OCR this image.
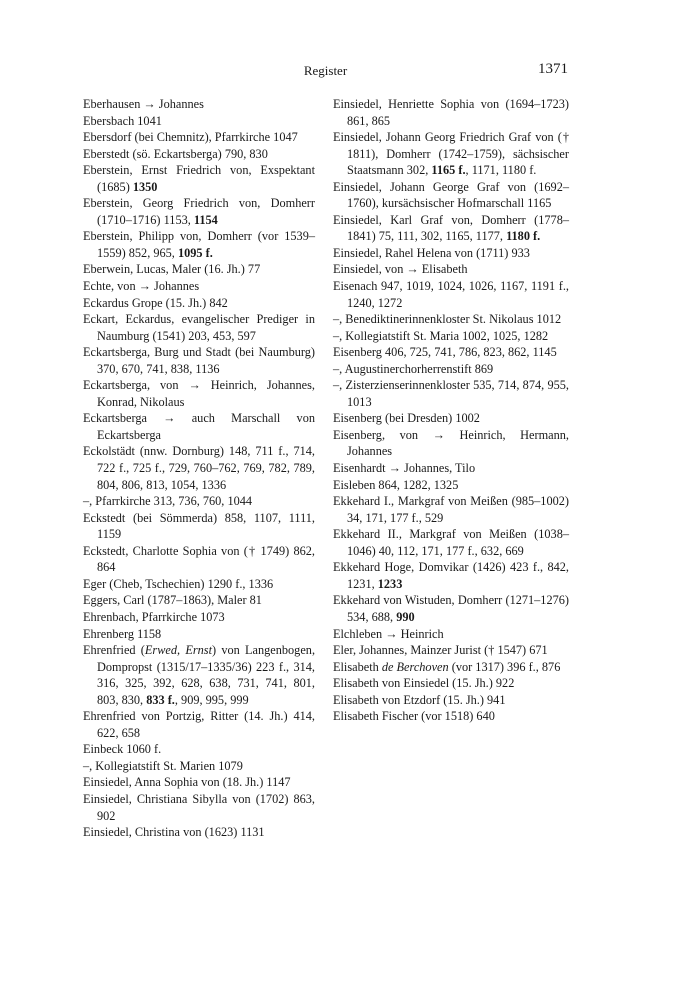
Register	1371
Eberhausen → Johannes
Ebersbach 1041
Ebersdorf (bei Chemnitz), Pfarrkirche 1047
Eberstedt (sö. Eckartsberga) 790, 830
Eberstein, Ernst Friedrich von, Exspektant (1685) 1350
Eberstein, Georg Friedrich von, Domherr (1710–1716) 1153, 1154
Eberstein, Philipp von, Domherr (vor 1539–1559) 852, 965, 1095 f.
Eberwein, Lucas, Maler (16. Jh.) 77
Echte, von → Johannes
Eckardus Grope (15. Jh.) 842
Eckart, Eckardus, evangelischer Prediger in Naumburg (1541) 203, 453, 597
Eckartsberga, Burg und Stadt (bei Naumburg) 370, 670, 741, 838, 1136
Eckartsberga, von → Heinrich, Johannes, Konrad, Nikolaus
Eckartsberga → auch Marschall von Eckartsberga
Eckolstädt (nnw. Dornburg) 148, 711 f., 714, 722 f., 725 f., 729, 760–762, 769, 782, 789, 804, 806, 813, 1054, 1336
–, Pfarrkirche 313, 736, 760, 1044
Eckstedt (bei Sömmerda) 858, 1107, 1111, 1159
Eckstedt, Charlotte Sophia von († 1749) 862, 864
Eger (Cheb, Tschechien) 1290 f., 1336
Eggers, Carl (1787–1863), Maler 81
Ehrenbach, Pfarrkirche 1073
Ehrenberg 1158
Ehrenfried (Erwed, Ernst) von Langenbogen, Dompropst (1315/17–1335/36) 223 f., 314, 316, 325, 392, 628, 638, 731, 741, 801, 803, 830, 833 f., 909, 995, 999
Ehrenfried von Portzig, Ritter (14. Jh.) 414, 622, 658
Einbeck 1060 f.
–, Kollegiatstift St. Marien 1079
Einsiedel, Anna Sophia von (18. Jh.) 1147
Einsiedel, Christiana Sibylla von (1702) 863, 902
Einsiedel, Christina von (1623) 1131
Einsiedel, Henriette Sophia von (1694–1723) 861, 865
Einsiedel, Johann Georg Friedrich Graf von († 1811), Domherr (1742–1759), sächsischer Staatsmann 302, 1165 f., 1171, 1180 f.
Einsiedel, Johann George Graf von (1692–1760), kursächsischer Hofmarschall 1165
Einsiedel, Karl Graf von, Domherr (1778–1841) 75, 111, 302, 1165, 1177, 1180 f.
Einsiedel, Rahel Helena von (1711) 933
Einsiedel, von → Elisabeth
Eisenach 947, 1019, 1024, 1026, 1167, 1191 f., 1240, 1272
–, Benediktinerinnenkloster St. Nikolaus 1012
–, Kollegiatstift St. Maria 1002, 1025, 1282
Eisenberg 406, 725, 741, 786, 823, 862, 1145
–, Augustinerchorherrenstift 869
–, Zisterzienserinnenkloster 535, 714, 874, 955, 1013
Eisenberg (bei Dresden) 1002
Eisenberg, von → Heinrich, Hermann, Johannes
Eisenhardt → Johannes, Tilo
Eisleben 864, 1282, 1325
Ekkehard I., Markgraf von Meißen (985–1002) 34, 171, 177 f., 529
Ekkehard II., Markgraf von Meißen (1038–1046) 40, 112, 171, 177 f., 632, 669
Ekkehard Hoge, Domvikar (1426) 423 f., 842, 1231, 1233
Ekkehard von Wistuden, Domherr (1271–1276) 534, 688, 990
Elchleben → Heinrich
Eler, Johannes, Mainzer Jurist († 1547) 671
Elisabeth de Berchoven (vor 1317) 396 f., 876
Elisabeth von Einsiedel (15. Jh.) 922
Elisabeth von Etzdorf (15. Jh.) 941
Elisabeth Fischer (vor 1518) 640
